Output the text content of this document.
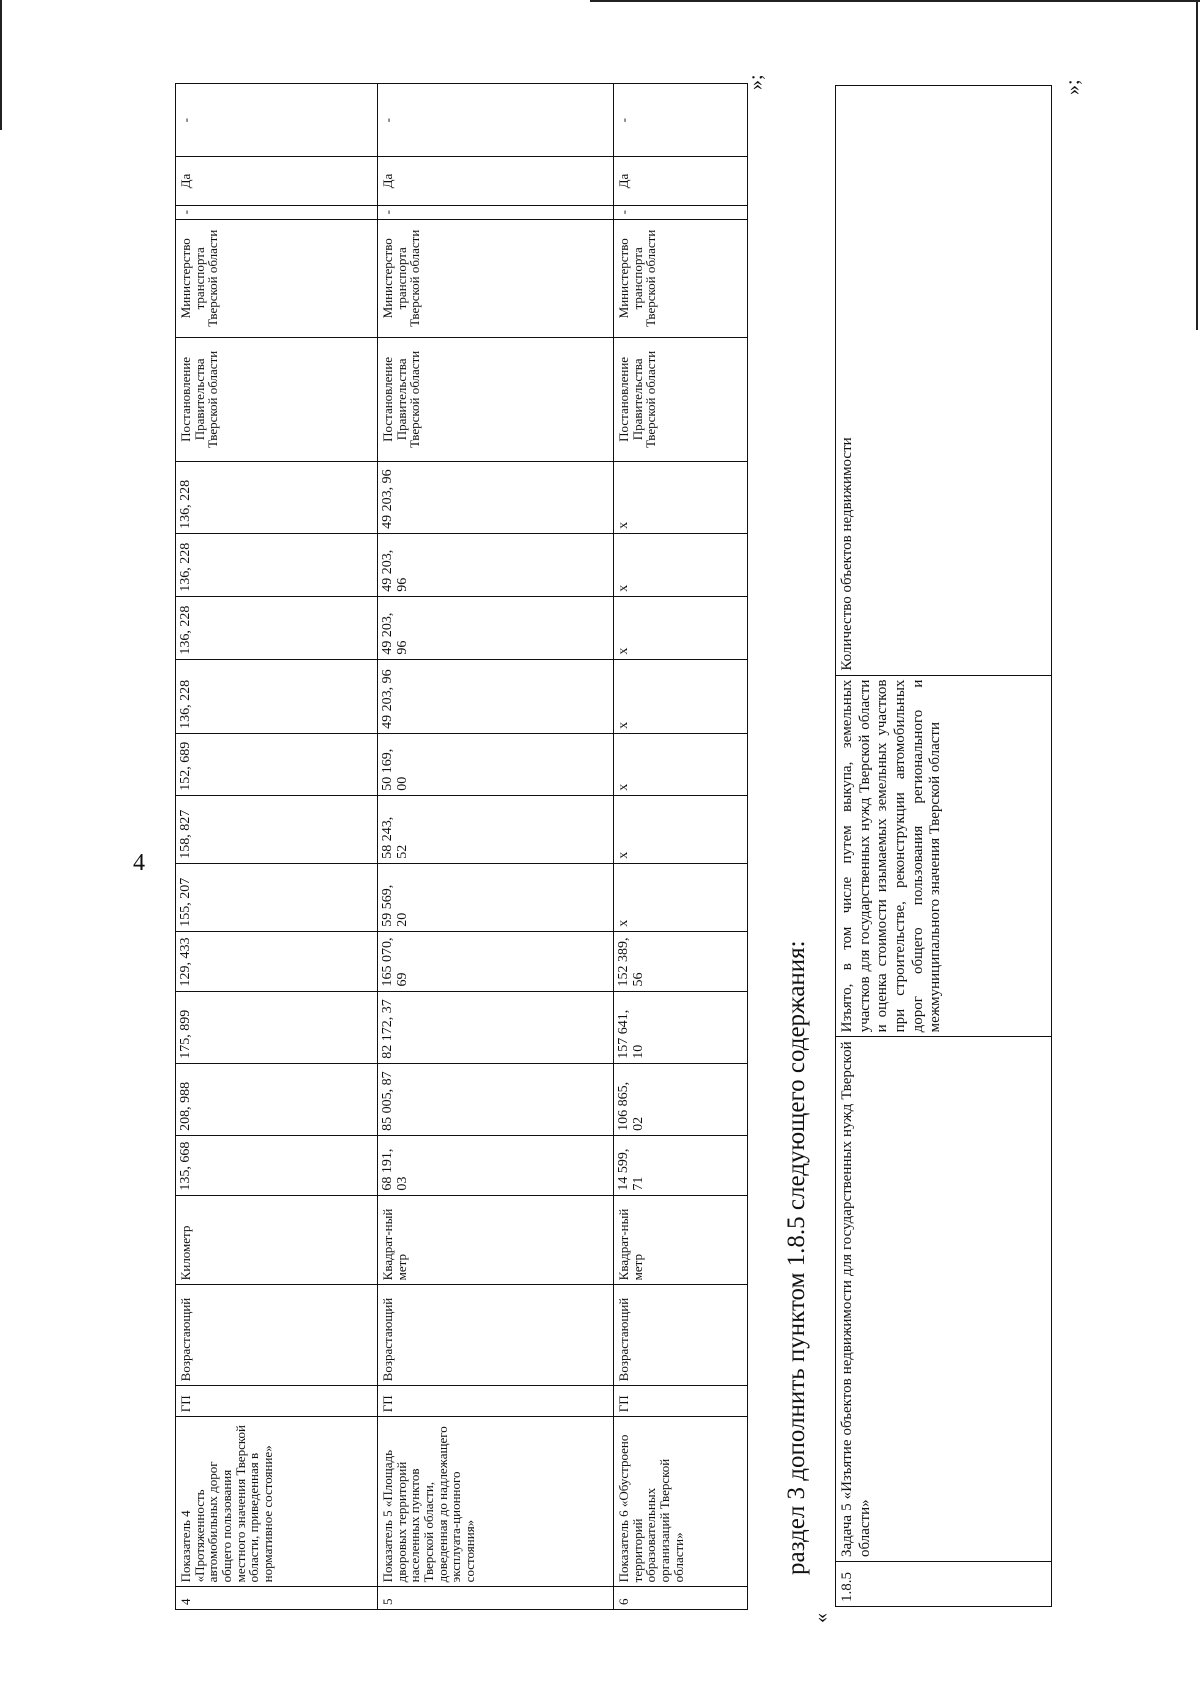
4
4	Показатель 4 «Протяженность автомобильных дорог общего пользования местного значения Тверской области, приведенная в нормативное состояние»	ГП	Возрастающий	Километр	135, 668	208, 988	175, 899	129, 433	155, 207	158, 827	152, 689	136, 228	136, 228	136, 228	136, 228	Постановление Правительства Тверской области	Министерство транспорта Тверской области	-	Да	-
5	Показатель 5 «Площадь дворовых территорий населенных пунктов Тверской области, доведенная до надлежащего эксплуата-ционного состояния»	ГП	Возрастающий	Квадрат-ный метр	68 191, 03	85 005, 87	82 172, 37	165 070, 69	59 569, 20	58 243, 52	50 169, 00	49 203, 96	49 203, 96	49 203, 96	49 203, 96	Постановление Правительства Тверской области	Министерство транспорта Тверской области	-	Да	-
6	Показатель 6 «Обустроено территорий образовательных организаций Тверской области»	ГП	Возрастающий	Квадрат-ный метр	14 599, 71	106 865, 02	157 641, 10	152 389, 56	х	х	х	х	х	х	х	Постановление Правительства Тверской области	Министерство транспорта Тверской области	-	Да	-
»;
раздел 3 дополнить пунктом 1.8.5 следующего содержания:
«
1.8.5	Задача 5 «Изъятие объектов недвижимости для государственных нужд Тверской области»	Изъято, в том числе путем выкупа, земельных участков для государственных нужд Тверской области и оценка стоимости изымаемых земельных участков при строительстве, реконструкции автомобильных дорог общего пользования регионального и межмуниципального значения Тверской области	Количество объектов недвижимости
»;
